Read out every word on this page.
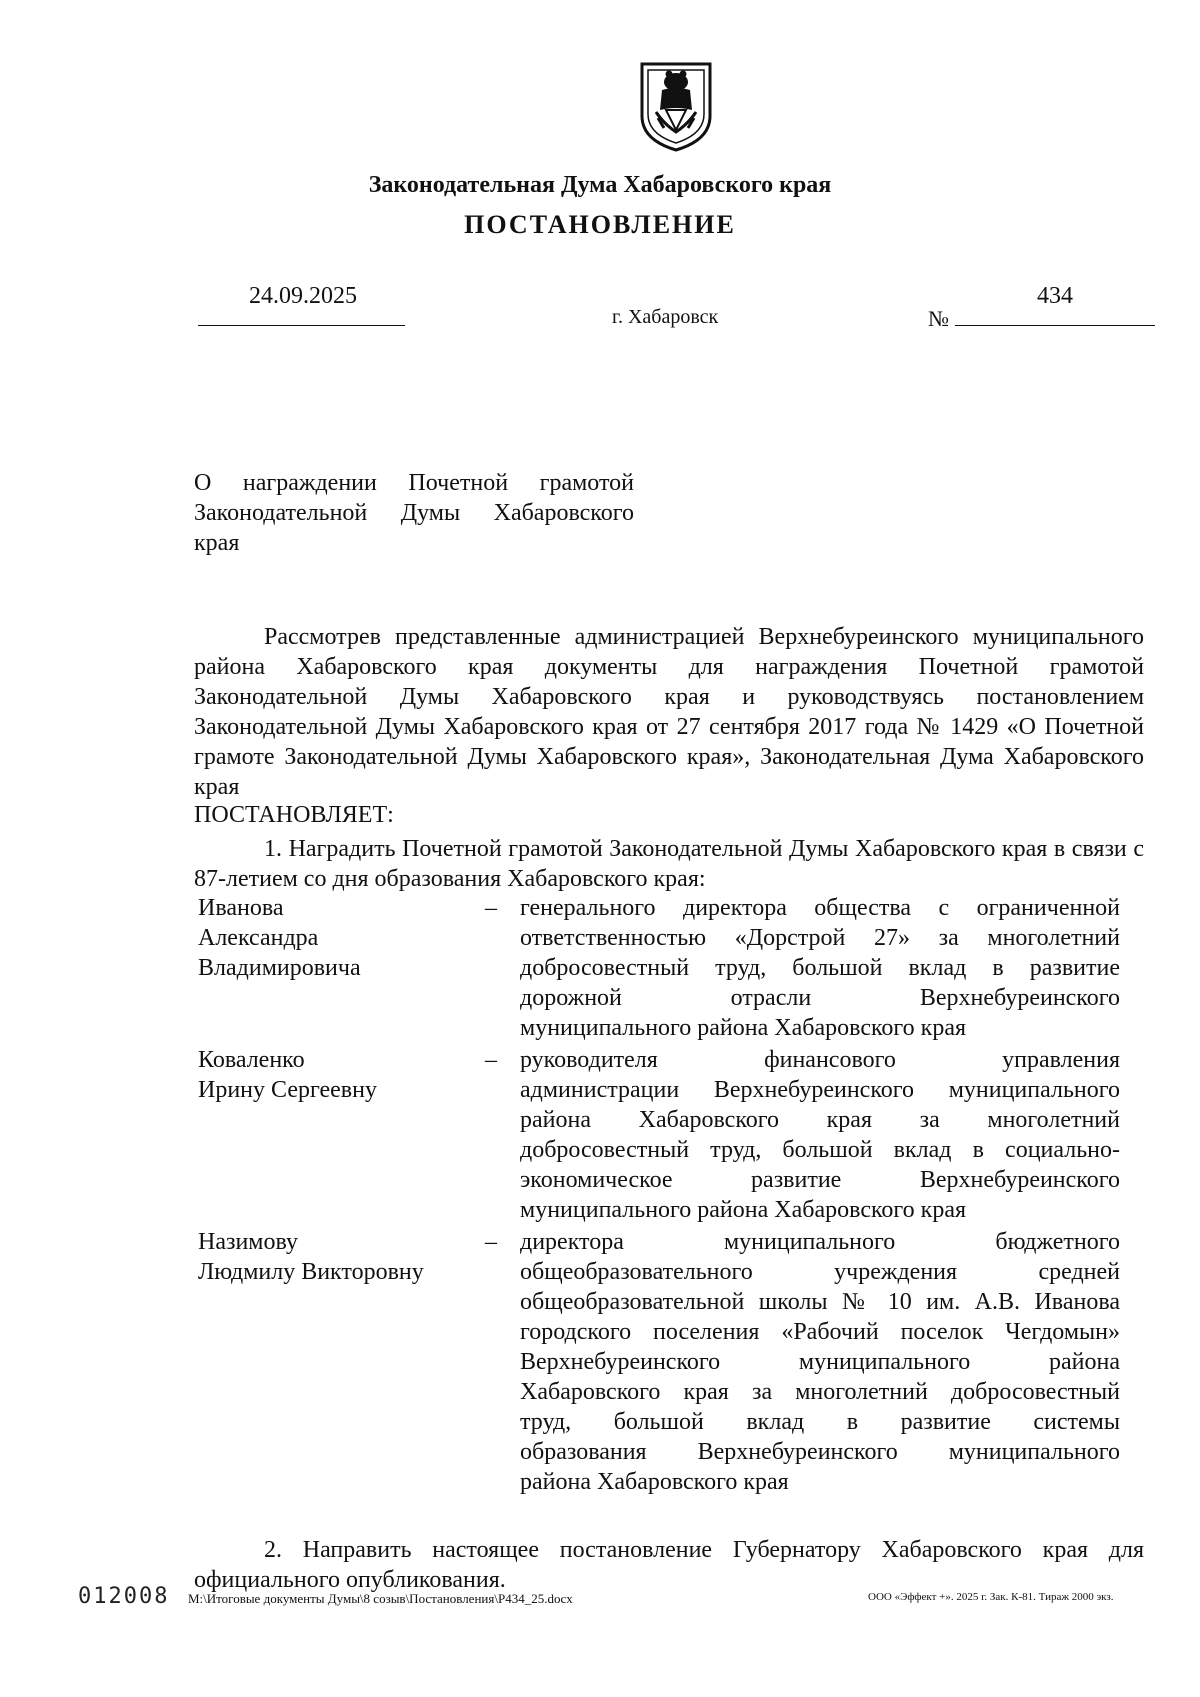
Законодательная Дума Хабаровского края
ПОСТАНОВЛЕНИЕ
24.09.2025
г. Хабаровск	№
434
О награждении Почетной грамотой
Законодательной Думы Хабаровского
края
Рассмотрев представленные администрацией Верхнебуреинского муниципального района Хабаровского края документы для награждения Почетной грамотой Законодательной Думы Хабаровского края и руководствуясь постановлением Законодательной Думы Хабаровского края от 27 сентября 2017 года № 1429 «О Почетной грамоте Законодательной Думы Хабаровского края», Законодательная Дума Хабаровского края
ПОСТАНОВЛЯЕТ:
1. Наградить Почетной грамотой Законодательной Думы Хабаровского края в связи с 87-летием со дня образования Хабаровского края:
Иванова
Александра
Владимировича
– генерального директора общества с ограниченной
ответственностью «Дорстрой 27» за многолетний
добросовестный труд, большой вклад в развитие
дорожной отрасли Верхнебуреинского
муниципального района Хабаровского края
Коваленко
Ирину Сергеевну
– руководителя финансового управления
администрации Верхнебуреинского муниципального
района Хабаровского края за многолетний
добросовестный труд, большой вклад в социально-
экономическое развитие Верхнебуреинского
муниципального района Хабаровского края
Назимову
Людмилу Викторовну
– директора муниципального бюджетного
общеобразовательного учреждения средней
общеобразовательной школы № 10 им. А.В. Иванова
городского поселения «Рабочий поселок Чегдомын»
Верхнебуреинского муниципального района
Хабаровского края за многолетний добросовестный
труд, большой вклад в развитие системы
образования Верхнебуреинского муниципального
района Хабаровского края
2. Направить настоящее постановление Губернатору Хабаровского края для официального опубликования.
012008 M:\Итоговые документы Думы\8 созыв\Постановления\P434_25.docx	ООО «Эффект +». 2025 г. Зак. К-81. Тираж 2000 экз.
